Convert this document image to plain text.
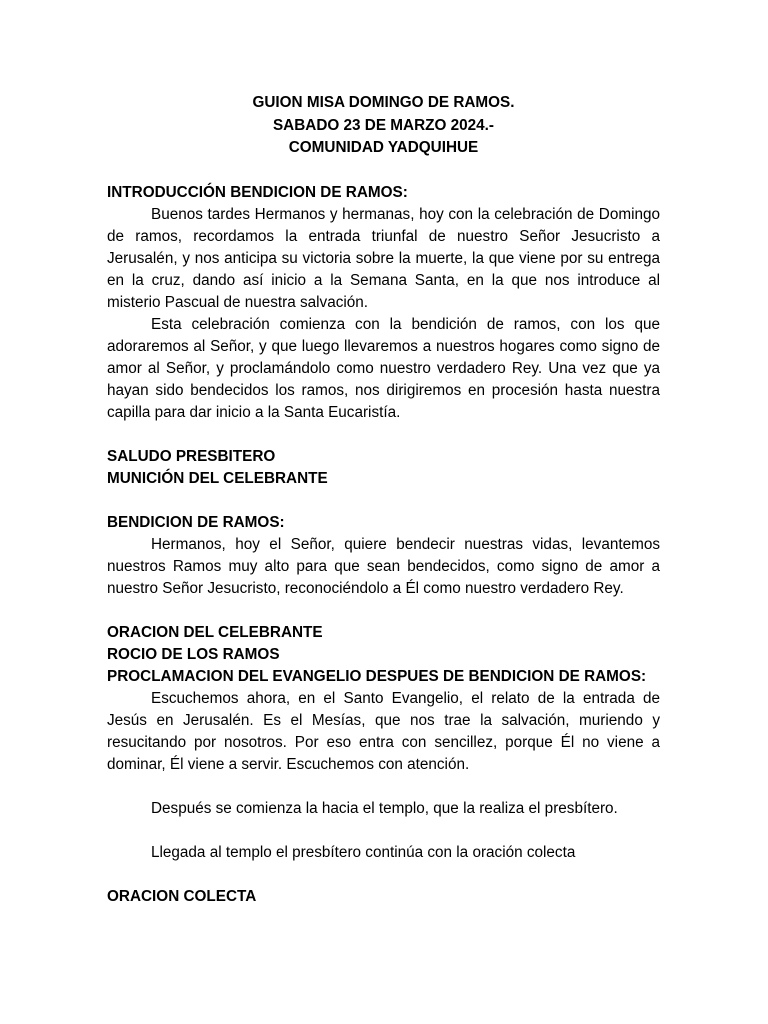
GUION MISA DOMINGO DE RAMOS.

SABADO 23 DE MARZO 2024.-

COMUNIDAD YADQUIHUE

INTRODUCCIÓN BENDICION DE RAMOS:

Buenos tardes Hermanos y hermanas, hoy con la celebración de Domingo de ramos, recordamos la entrada triunfal de nuestro Señor Jesucristo a Jerusalén, y nos anticipa su victoria sobre la muerte, la que viene por su entrega en la cruz, dando así inicio a la Semana Santa, en la que nos introduce al misterio Pascual de nuestra salvación.

Esta celebración comienza con la bendición de ramos, con los que adoraremos al Señor, y que luego llevaremos a nuestros hogares como signo de amor al Señor, y proclamándolo como nuestro verdadero Rey. Una vez que ya hayan sido bendecidos los ramos, nos dirigiremos en procesión hasta nuestra capilla para dar inicio a la Santa Eucaristía.

SALUDO PRESBITERO

MUNICIÓN DEL CELEBRANTE

BENDICION DE RAMOS:

Hermanos, hoy el Señor, quiere bendecir nuestras vidas, levantemos nuestros Ramos muy alto para que sean bendecidos, como signo de amor a nuestro Señor Jesucristo, reconociéndolo a Él como nuestro verdadero Rey.

ORACION DEL CELEBRANTE

ROCIO DE LOS RAMOS

PROCLAMACION DEL EVANGELIO DESPUES DE BENDICION DE RAMOS:

Escuchemos ahora, en el Santo Evangelio, el relato de la entrada de Jesús en Jerusalén. Es el Mesías, que nos trae la salvación, muriendo y resucitando por nosotros. Por eso entra con sencillez, porque Él no viene a dominar, Él viene a servir. Escuchemos con atención.

Después se comienza la hacia el templo, que la realiza el presbítero.

Llegada al templo el presbítero continúa con la oración colecta

ORACION COLECTA
